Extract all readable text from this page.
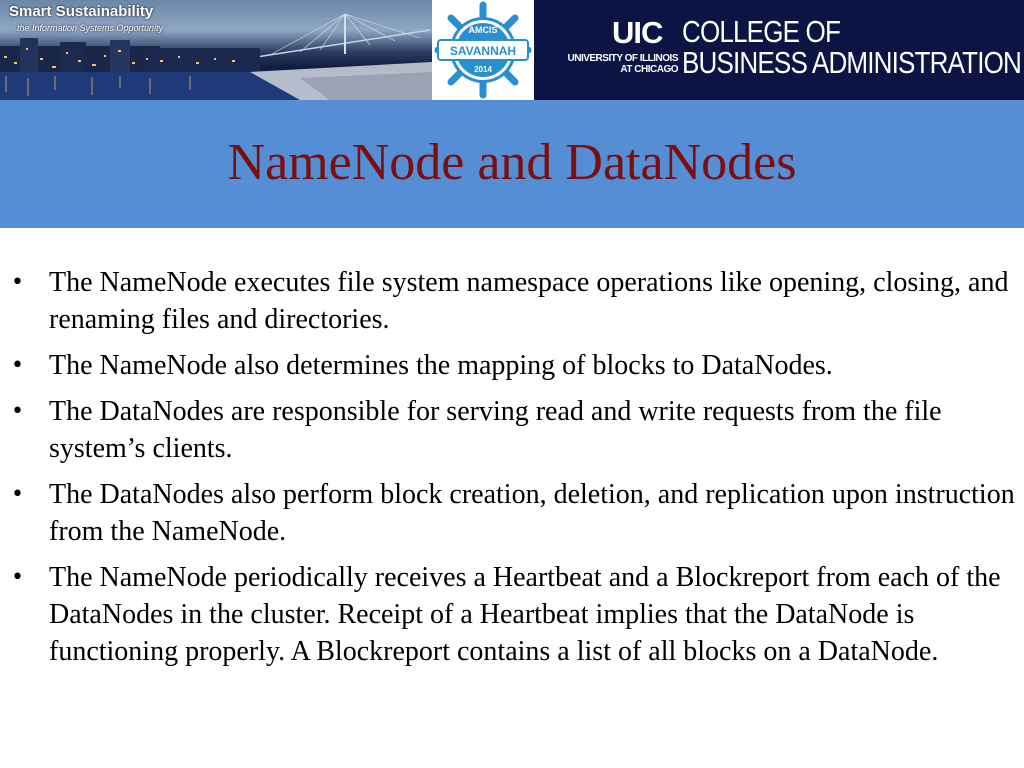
Smart Sustainability
the Information Systems Opportunity	AMCIS
SAVANNAH
2014
UIC
UNIVERSITY OF ILLINOIS
AT CHICAGO
COLLEGE OF
BUSINESS ADMINISTRATION
NameNode and DataNodes
• The NameNode executes file system namespace operations like opening, closing, and renaming files and directories.
• The NameNode also determines the mapping of blocks to DataNodes.
• The DataNodes are responsible for serving read and write requests from the file system’s clients.
• The DataNodes also perform block creation, deletion, and replication upon instruction from the NameNode.
• The NameNode periodically receives a Heartbeat and a Blockreport from each of the DataNodes in the cluster. Receipt of a Heartbeat implies that the DataNode is functioning properly. A Blockreport contains a list of all blocks on a DataNode.
